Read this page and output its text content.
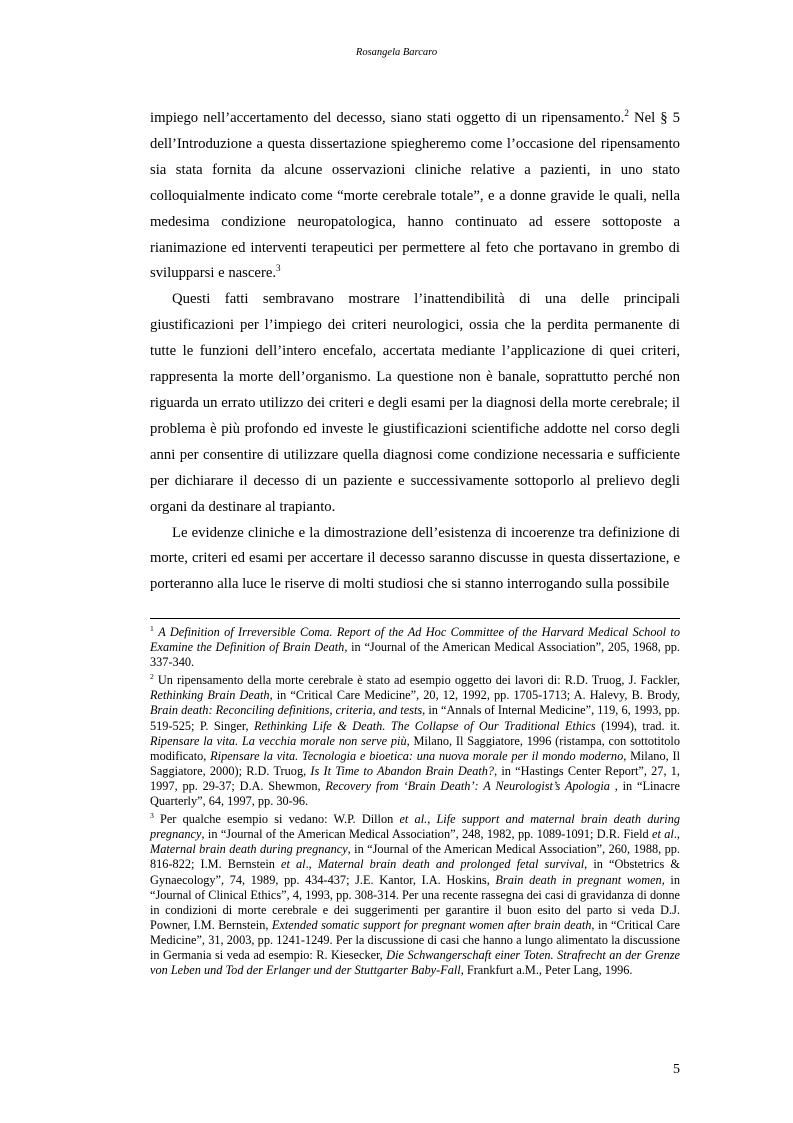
Rosangela Barcaro

impiego nell’accertamento del decesso, siano stati oggetto di un ripensamento.$^2$ Nel § 5 dell’Introduzione a questa dissertazione spiegheremo come l’occasione del ripensamento sia stata fornita da alcune osservazioni cliniche relative a pazienti, in uno stato colloquialmente indicato come “morte cerebrale totale”, e a donne gravide le quali, nella medesima condizione neuropatologica, hanno continuato ad essere sottoposte a rianimazione ed interventi terapeutici per permettere al feto che portavano in grembo di svilupparsi e nascere.$^3$

Questi fatti sembravano mostrare l’inattendibilità di una delle principali giustificazioni per l’impiego dei criteri neurologici, ossia che la perdita permanente di tutte le funzioni dell’intero encefalo, accertata mediante l’applicazione di quei criteri, rappresenta la morte dell’organismo. La questione non è banale, soprattutto perché non riguarda un errato utilizzo dei criteri e degli esami per la diagnosi della morte cerebrale; il problema è più profondo ed investe le giustificazioni scientifiche addotte nel corso degli anni per consentire di utilizzare quella diagnosi come condizione necessaria e sufficiente per dichiarare il decesso di un paziente e successivamente sottoporlo al prelievo degli organi da destinare al trapianto.

Le evidenze cliniche e la dimostrazione dell’esistenza di incoerenze tra definizione di morte, criteri ed esami per accertare il decesso saranno discusse in questa dissertazione, e porteranno alla luce le riserve di molti studiosi che si stanno interrogando sulla possibile

$^1$ A Definition of Irreversible Coma. Report of the Ad Hoc Committee of the Harvard Medical School to Examine the Definition of Brain Death, in “Journal of the American Medical Association”, 205, 1968, pp. 337-340.

$^2$ Un ripensamento della morte cerebrale è stato ad esempio oggetto dei lavori di: R.D. Truog, J. Fackler, Rethinking Brain Death, in “Critical Care Medicine”, 20, 12, 1992, pp. 1705-1713; A. Halevy, B. Brody, Brain death: Reconciling definitions, criteria, and tests, in “Annals of Internal Medicine”, 119, 6, 1993, pp. 519-525; P. Singer, Rethinking Life & Death. The Collapse of Our Traditional Ethics (1994), trad. it. Ripensare la vita. La vecchia morale non serve più, Milano, Il Saggiatore, 1996 (ristampa, con sottotitolo modificato, Ripensare la vita. Tecnologia e bioetica: una nuova morale per il mondo moderno, Milano, Il Saggiatore, 2000); R.D. Truog, Is It Time to Abandon Brain Death?, in “Hastings Center Report”, 27, 1, 1997, pp. 29-37; D.A. Shewmon, Recovery from ‘Brain Death’: A Neurologist’s Apologia , in “Linacre Quarterly”, 64, 1997, pp. 30-96.

$^3$ Per qualche esempio si vedano: W.P. Dillon et al., Life support and maternal brain death during pregnancy, in “Journal of the American Medical Association”, 248, 1982, pp. 1089-1091; D.R. Field et al., Maternal brain death during pregnancy, in “Journal of the American Medical Association”, 260, 1988, pp. 816-822; I.M. Bernstein et al., Maternal brain death and prolonged fetal survival, in “Obstetrics & Gynaecology”, 74, 1989, pp. 434-437; J.E. Kantor, I.A. Hoskins, Brain death in pregnant women, in “Journal of Clinical Ethics”, 4, 1993, pp. 308-314. Per una recente rassegna dei casi di gravidanza di donne in condizioni di morte cerebrale e dei suggerimenti per garantire il buon esito del parto si veda D.J. Powner, I.M. Bernstein, Extended somatic support for pregnant women after brain death, in “Critical Care Medicine”, 31, 2003, pp. 1241-1249. Per la discussione di casi che hanno a lungo alimentato la discussione in Germania si veda ad esempio: R. Kiesecker, Die Schwangerschaft einer Toten. Strafrecht an der Grenze von Leben und Tod der Erlanger und der Stuttgarter Baby-Fall, Frankfurt a.M., Peter Lang, 1996.

5
